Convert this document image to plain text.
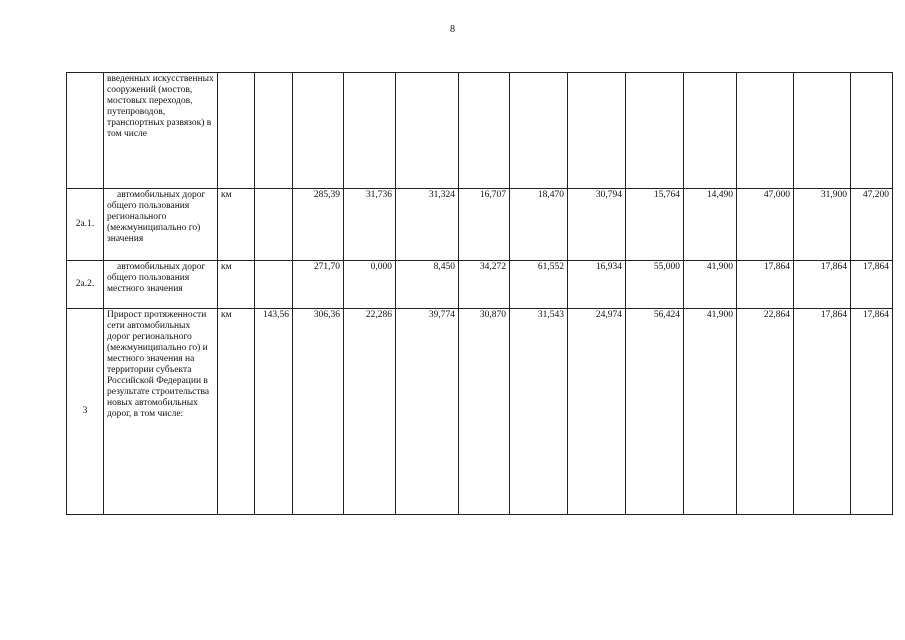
8
	введенных искусственных сооружений (мостов, мостовых переходов, путепроводов, транспортных развязок) в том числе													
2а.1.	автомобильных дорог общего пользования регионального (межмуниципально го) значения	км		285,39	31,736	31,324	16,707	18,470	30,794	15,764	14,490	47,000	31,900	47,200
2а.2.	автомобильных дорог общего пользования местного значения	км		271,70	0,000	8,450	34,272	61,552	16,934	55,000	41,900	17,864	17,864	17,864
3	Прирост протяженности сети автомобильных дорог регионального (межмуниципально го) и местного значения на территории субъекта Российской Федерации в результате строительства новых автомобильных дорог, в том числе:	км	143,56	306,36	22,286	39,774	30,870	31,543	24,974	56,424	41,900	22,864	17,864	17,864
